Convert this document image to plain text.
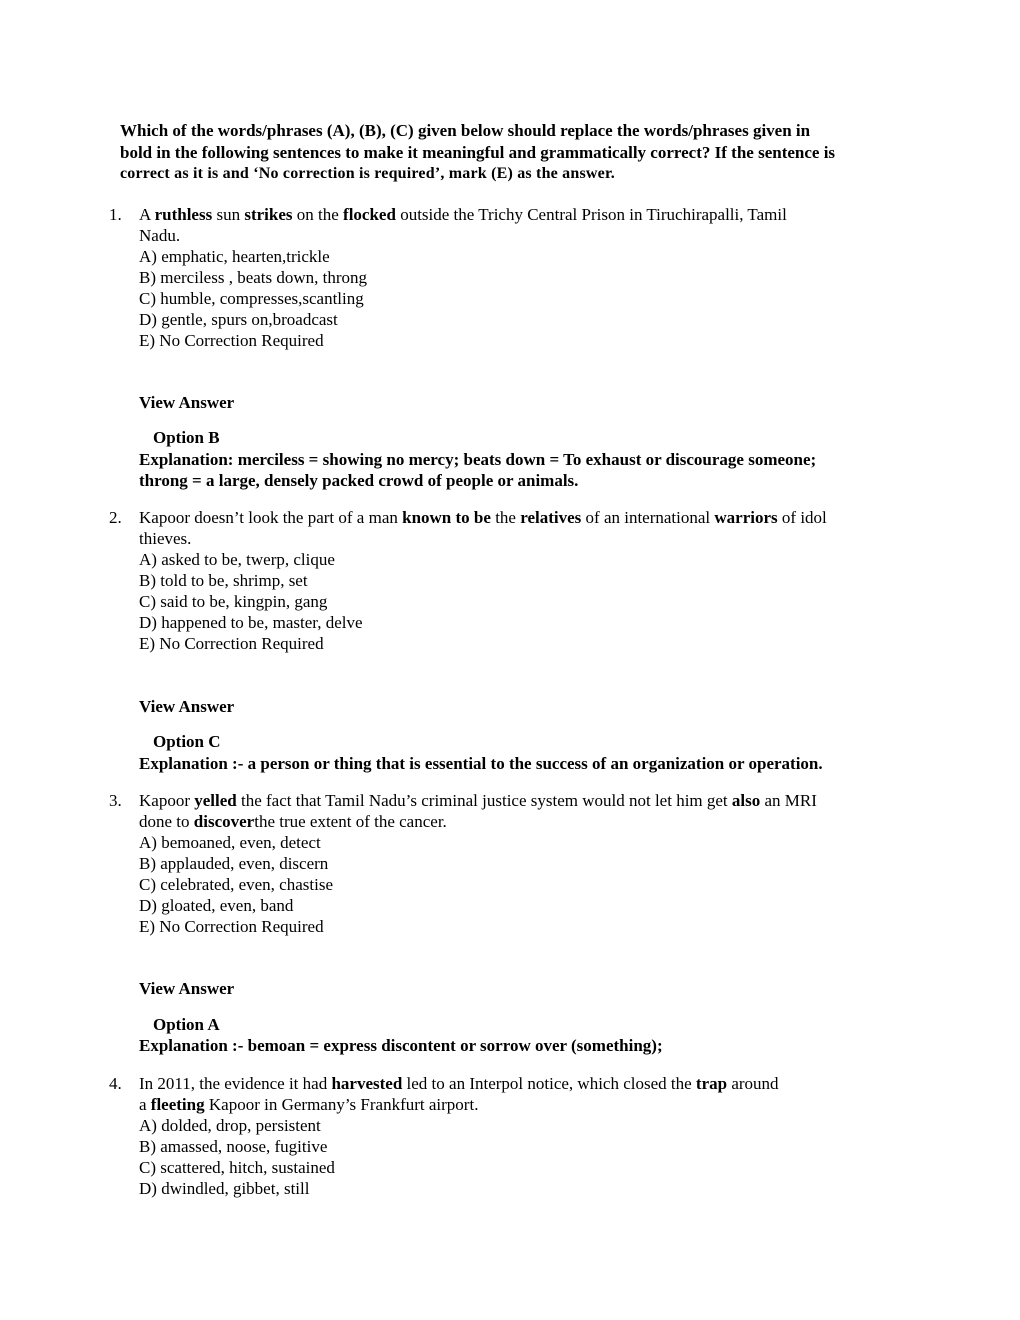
Which of the words/phrases (A), (B), (C) given below should replace the words/phrases given in
bold in the following sentences to make it meaningful and grammatically correct? If the sentence is
correct as it is and ‘No correction is required’, mark (E) as the answer.
1.	A ruthless sun strikes on the flocked outside the Trichy Central Prison in Tiruchirapalli, Tamil
Nadu.
A) emphatic, hearten,trickle
B) merciless , beats down, throng
C) humble, compresses,scantling
D) gentle, spurs on,broadcast
E) No Correction Required
View Answer
Option B
Explanation: merciless = showing no mercy; beats down = To exhaust or discourage someone;
throng = a large, densely packed crowd of people or animals.
2.	Kapoor doesn’t look the part of a man known to be the relatives of an international warriors of idol
thieves.
A) asked to be, twerp, clique
B) told to be, shrimp, set
C) said to be, kingpin, gang
D) happened to be, master, delve
E) No Correction Required
View Answer
Option C
Explanation :- a person or thing that is essential to the success of an organization or operation.
3.	Kapoor yelled the fact that Tamil Nadu’s criminal justice system would not let him get also an MRI
done to discoverthe true extent of the cancer.
A) bemoaned, even, detect
B) applauded, even, discern
C) celebrated, even, chastise
D) gloated, even, band
E) No Correction Required
View Answer
Option A
Explanation :- bemoan = express discontent or sorrow over (something);
4.	In 2011, the evidence it had harvested led to an Interpol notice, which closed the trap around
a fleeting Kapoor in Germany’s Frankfurt airport.
A) dolded, drop, persistent
B) amassed, noose, fugitive
C) scattered, hitch, sustained
D) dwindled, gibbet, still
